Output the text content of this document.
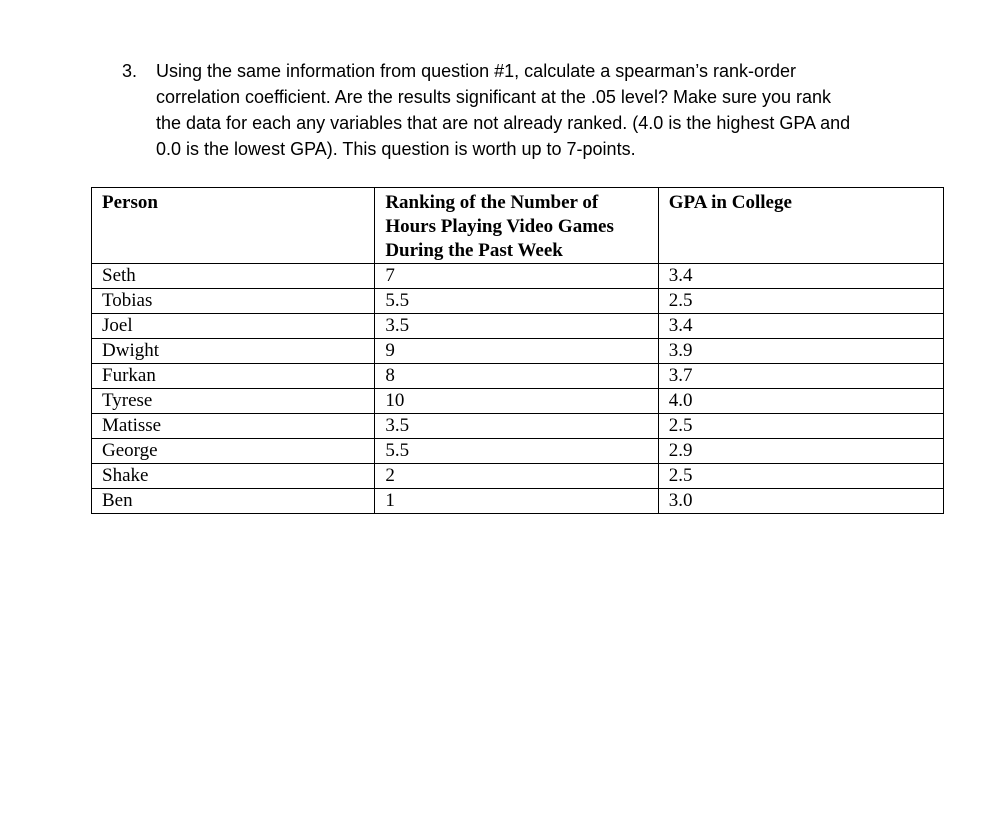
3. Using the same information from question #1, calculate a spearman’s rank-order
correlation coefficient. Are the results significant at the .05 level? Make sure you rank
the data for each any variables that are not already ranked. (4.0 is the highest GPA and
0.0 is the lowest GPA). This question is worth up to 7-points.
Person	Ranking of the Number of
Hours Playing Video Games
During the Past Week	GPA in College
Seth	7	3.4
Tobias	5.5	2.5
Joel	3.5	3.4
Dwight	9	3.9
Furkan	8	3.7
Tyrese	10	4.0
Matisse	3.5	2.5
George	5.5	2.9
Shake	2	2.5
Ben	1	3.0
